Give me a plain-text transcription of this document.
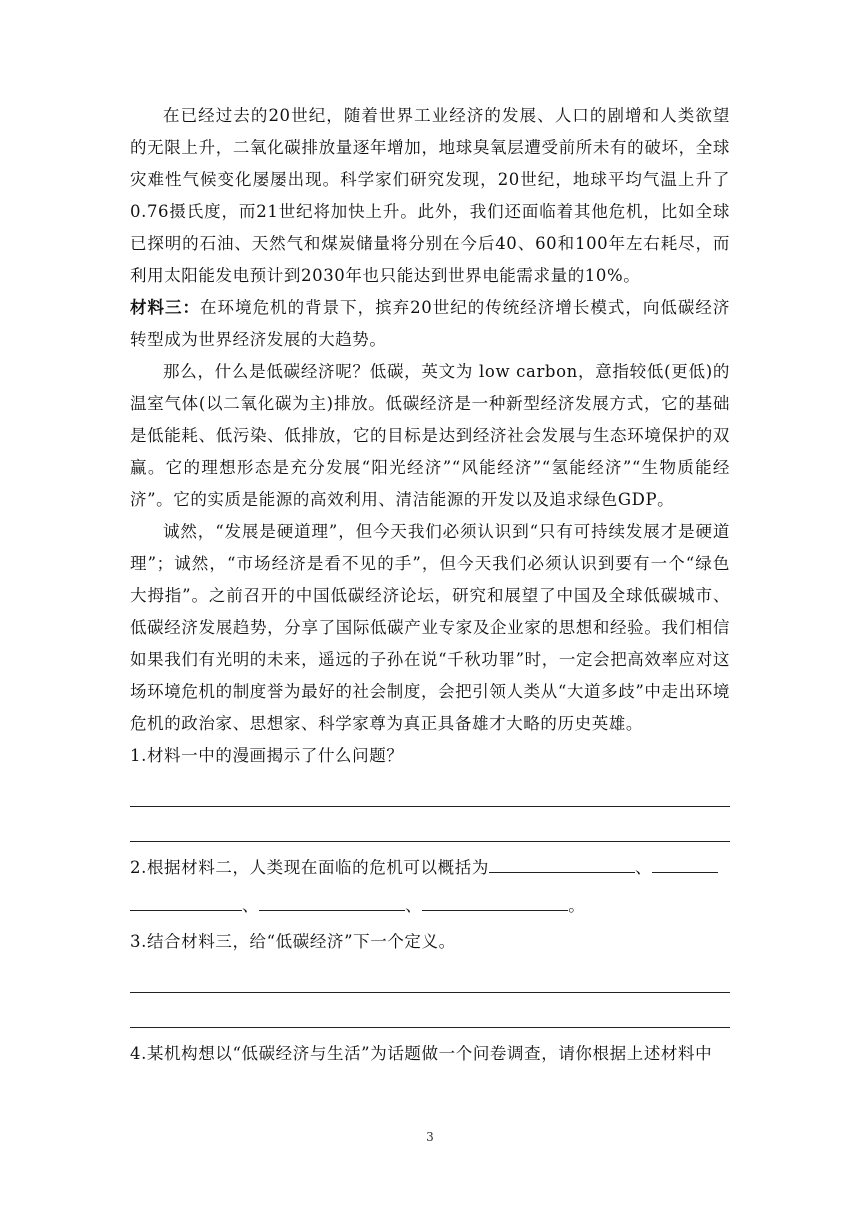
在已经过去的20世纪，随着世界工业经济的发展、人口的剧增和人类欲望的无限上升，二氧化碳排放量逐年增加，地球臭氧层遭受前所未有的破坏，全球灾难性气候变化屡屡出现。科学家们研究发现，20世纪，地球平均气温上升了0.76摄氏度，而21世纪将加快上升。此外，我们还面临着其他危机，比如全球已探明的石油、天然气和煤炭储量将分别在今后40、60和100年左右耗尽，而利用太阳能发电预计到2030年也只能达到世界电能需求量的10%。

材料三：在环境危机的背景下，摈弃20世纪的传统经济增长模式，向低碳经济转型成为世界经济发展的大趋势。

那么，什么是低碳经济呢？低碳，英文为 low carbon，意指较低(更低)的温室气体(以二氧化碳为主)排放。低碳经济是一种新型经济发展方式，它的基础是低能耗、低污染、低排放，它的目标是达到经济社会发展与生态环境保护的双赢。它的理想形态是充分发展“阳光经济”“风能经济”“氢能经济”“生物质能经济”。它的实质是能源的高效利用、清洁能源的开发以及追求绿色GDP。

诚然，“发展是硬道理”，但今天我们必须认识到“只有可持续发展才是硬道理”；诚然，“市场经济是看不见的手”，但今天我们必须认识到要有一个“绿色大拇指”。之前召开的中国低碳经济论坛，研究和展望了中国及全球低碳城市、低碳经济发展趋势，分享了国际低碳产业专家及企业家的思想和经验。我们相信如果我们有光明的未来，遥远的子孙在说“千秋功罪”时，一定会把高效率应对这场环境危机的制度誉为最好的社会制度，会把引领人类从“大道多歧”中走出环境危机的政治家、思想家、科学家尊为真正具备雄才大略的历史英雄。

1.材料一中的漫画揭示了什么问题？

2.根据材料二，人类现在面临的危机可以概括为	、

、	、	。

3.结合材料三，给“低碳经济”下一个定义。

4.某机构想以“低碳经济与生活”为话题做一个问卷调查，请你根据上述材料中

3
